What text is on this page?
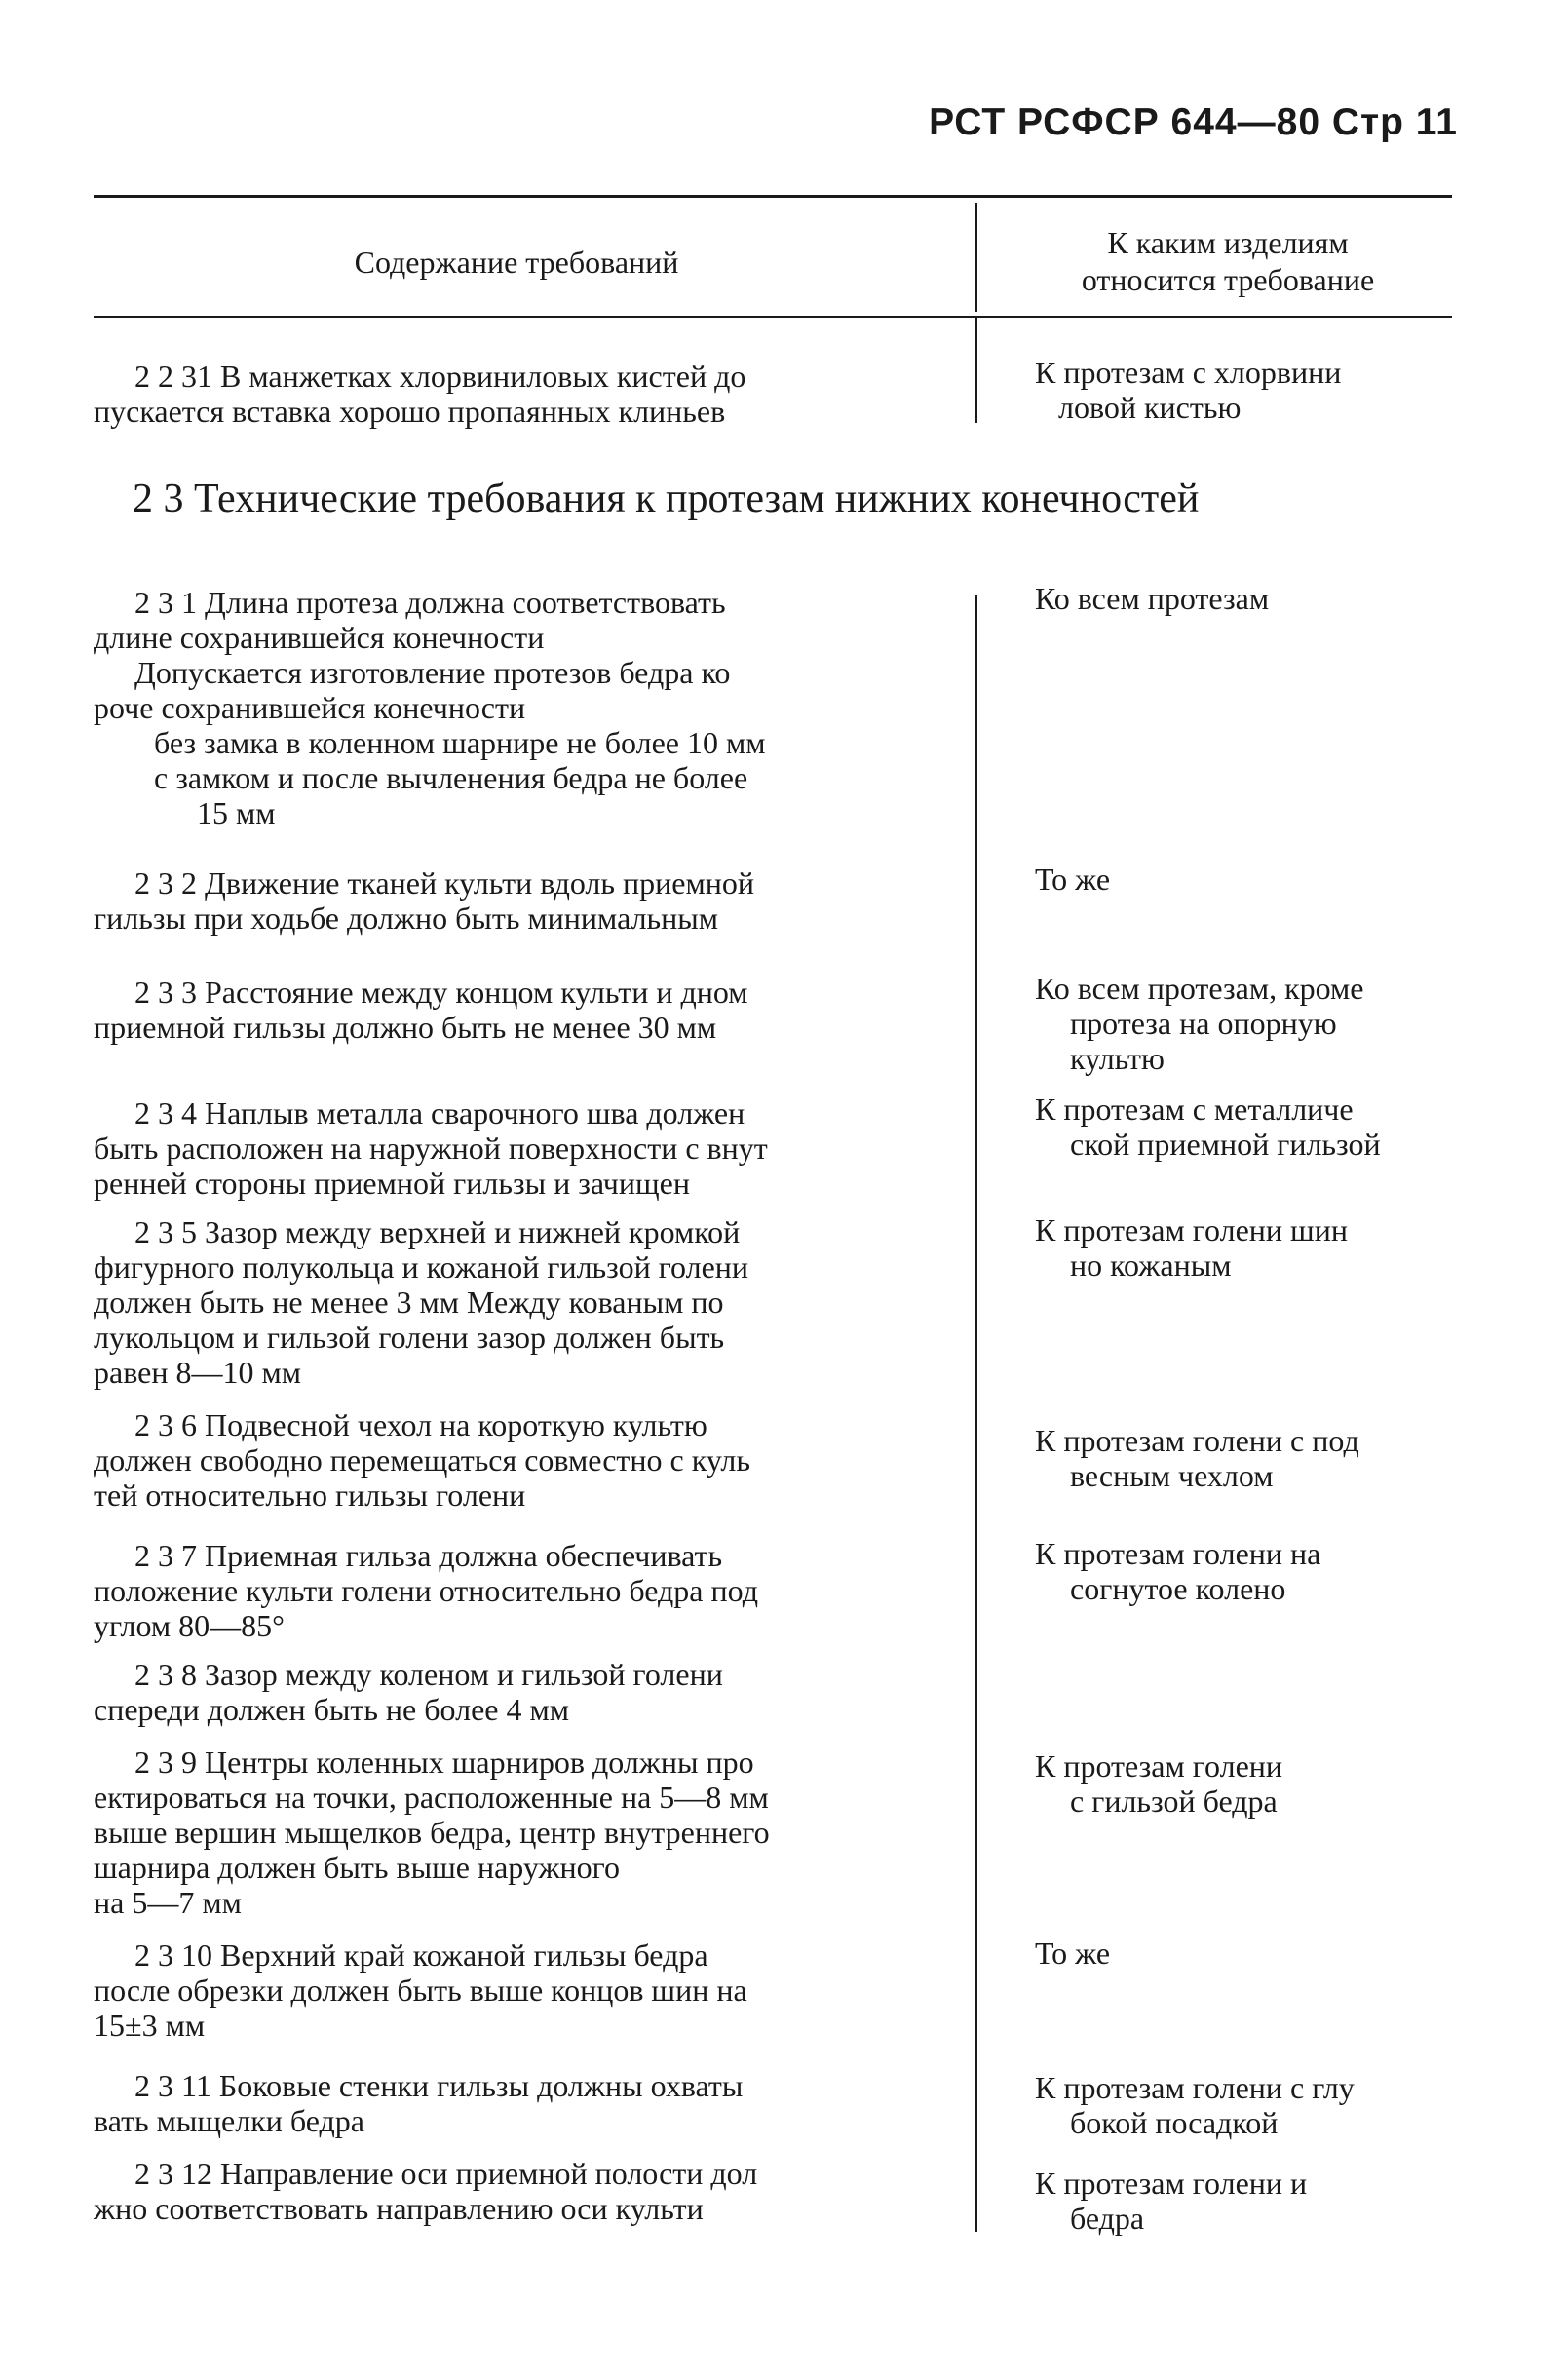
РСТ РСФСР 644—80 Стр 11
Содержание требований
К каким изделиям
относится требование
2 2 31 В манжетках хлорвиниловых кистей до
пускается вставка хорошо пропаянных клиньев
К протезам с хлорвини
ловой кистью
2 3 Технические требования к протезам нижних конечностей
2 3 1 Длина протеза должна соответствовать
длине сохранившейся конечности
Допускается изготовление протезов бедра ко
роче сохранившейся конечности
без замка в коленном шарнире не более 10 мм
с замком и после вычленения бедра не более
15 мм
Ко всем протезам
2 3 2 Движение тканей культи вдоль приемной
гильзы при ходьбе должно быть минимальным
То же
2 3 3 Расстояние между концом культи и дном
приемной гильзы должно быть не менее 30 мм
Ко всем протезам, кроме
протеза на опорную
культю
2 3 4 Наплыв металла сварочного шва должен
быть расположен на наружной поверхности с внут
ренней стороны приемной гильзы и зачищен
К протезам с металличе
ской приемной гильзой
2 3 5 Зазор между верхней и нижней кромкой
фигурного полукольца и кожаной гильзой голени
должен быть не менее 3 мм Между кованым по
лукольцом и гильзой голени зазор должен быть
равен 8—10 мм
К протезам голени шин
но кожаным
2 3 6 Подвесной чехол на короткую культю
должен свободно перемещаться совместно с куль
тей относительно гильзы голени
К протезам голени с под
весным чехлом
2 3 7 Приемная гильза должна обеспечивать
положение культи голени относительно бедра под
углом 80—85°
К протезам голени на
согнутое колено
2 3 8 Зазор между коленом и гильзой голени
спереди должен быть не более 4 мм
2 3 9 Центры коленных шарниров должны про
ектироваться на точки, расположенные на 5—8 мм
выше вершин мыщелков бедра, центр внутреннего
шарнира должен быть выше наружного
на 5—7 мм
К протезам голени
с гильзой бедра
2 3 10 Верхний край кожаной гильзы бедра
после обрезки должен быть выше концов шин на
15±3 мм
То же
2 3 11 Боковые стенки гильзы должны охваты
вать мыщелки бедра
К протезам голени с глу
бокой посадкой
2 3 12 Направление оси приемной полости дол
жно соответствовать направлению оси культи
К протезам голени и
бедра
